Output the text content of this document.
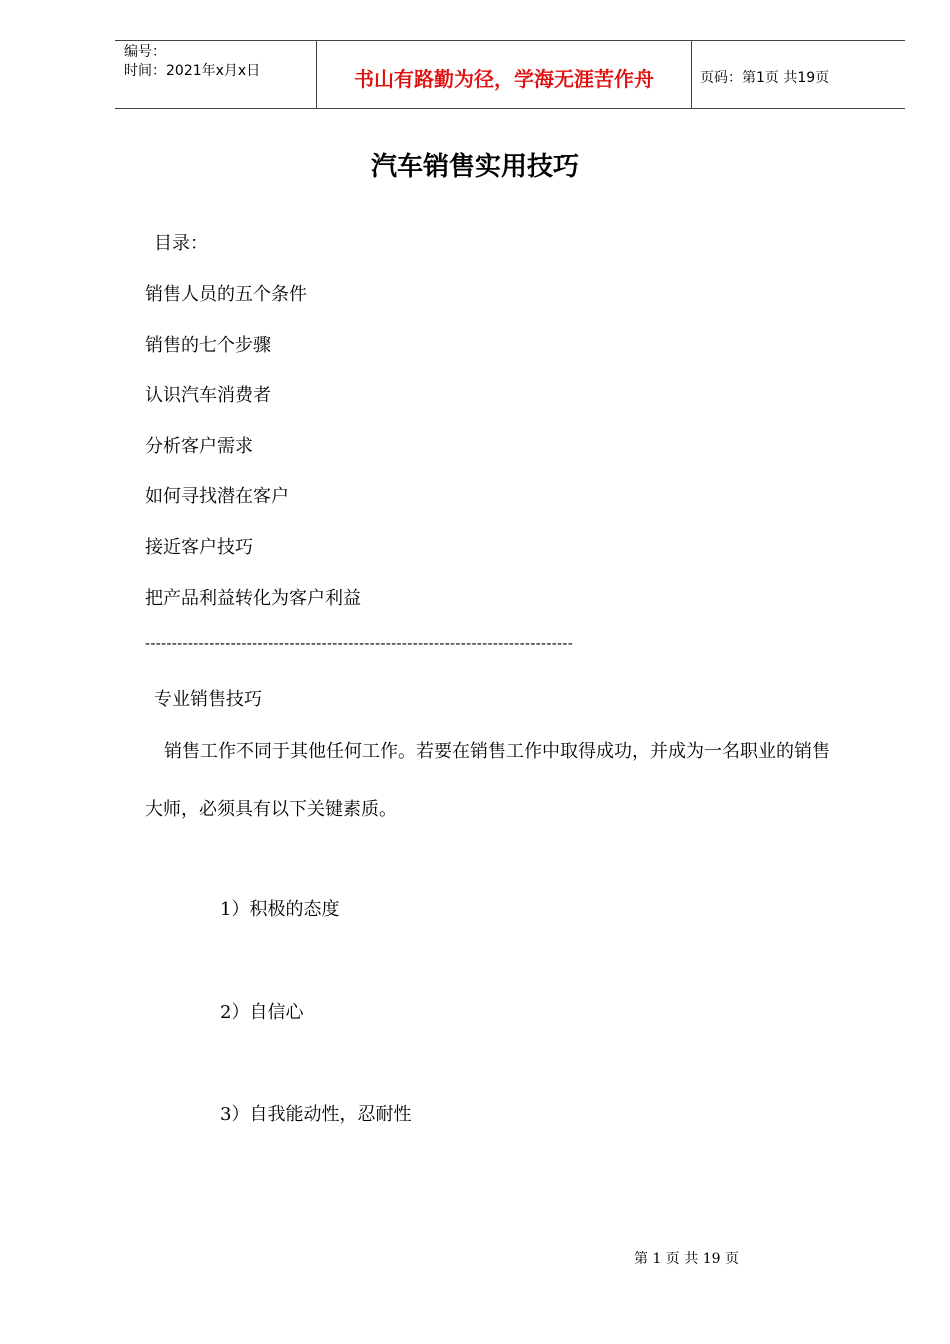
编号：
时间：2021年x月x日	书山有路勤为径，学海无涯苦作舟	页码：第1页 共19页
汽车销售实用技巧
目录：
销售人员的五个条件
销售的七个步骤
认识汽车消费者
分析客户需求
如何寻找潜在客户
接近客户技巧
把产品利益转化为客户利益
--------------------------------------------------------------------------------
专业销售技巧
销售工作不同于其他任何工作。若要在销售工作中取得成功，并成为一名职业的销售
大师，必须具有以下关键素质。
1）积极的态度
2）自信心
3）自我能动性，忍耐性
第 1 页 共 19 页
